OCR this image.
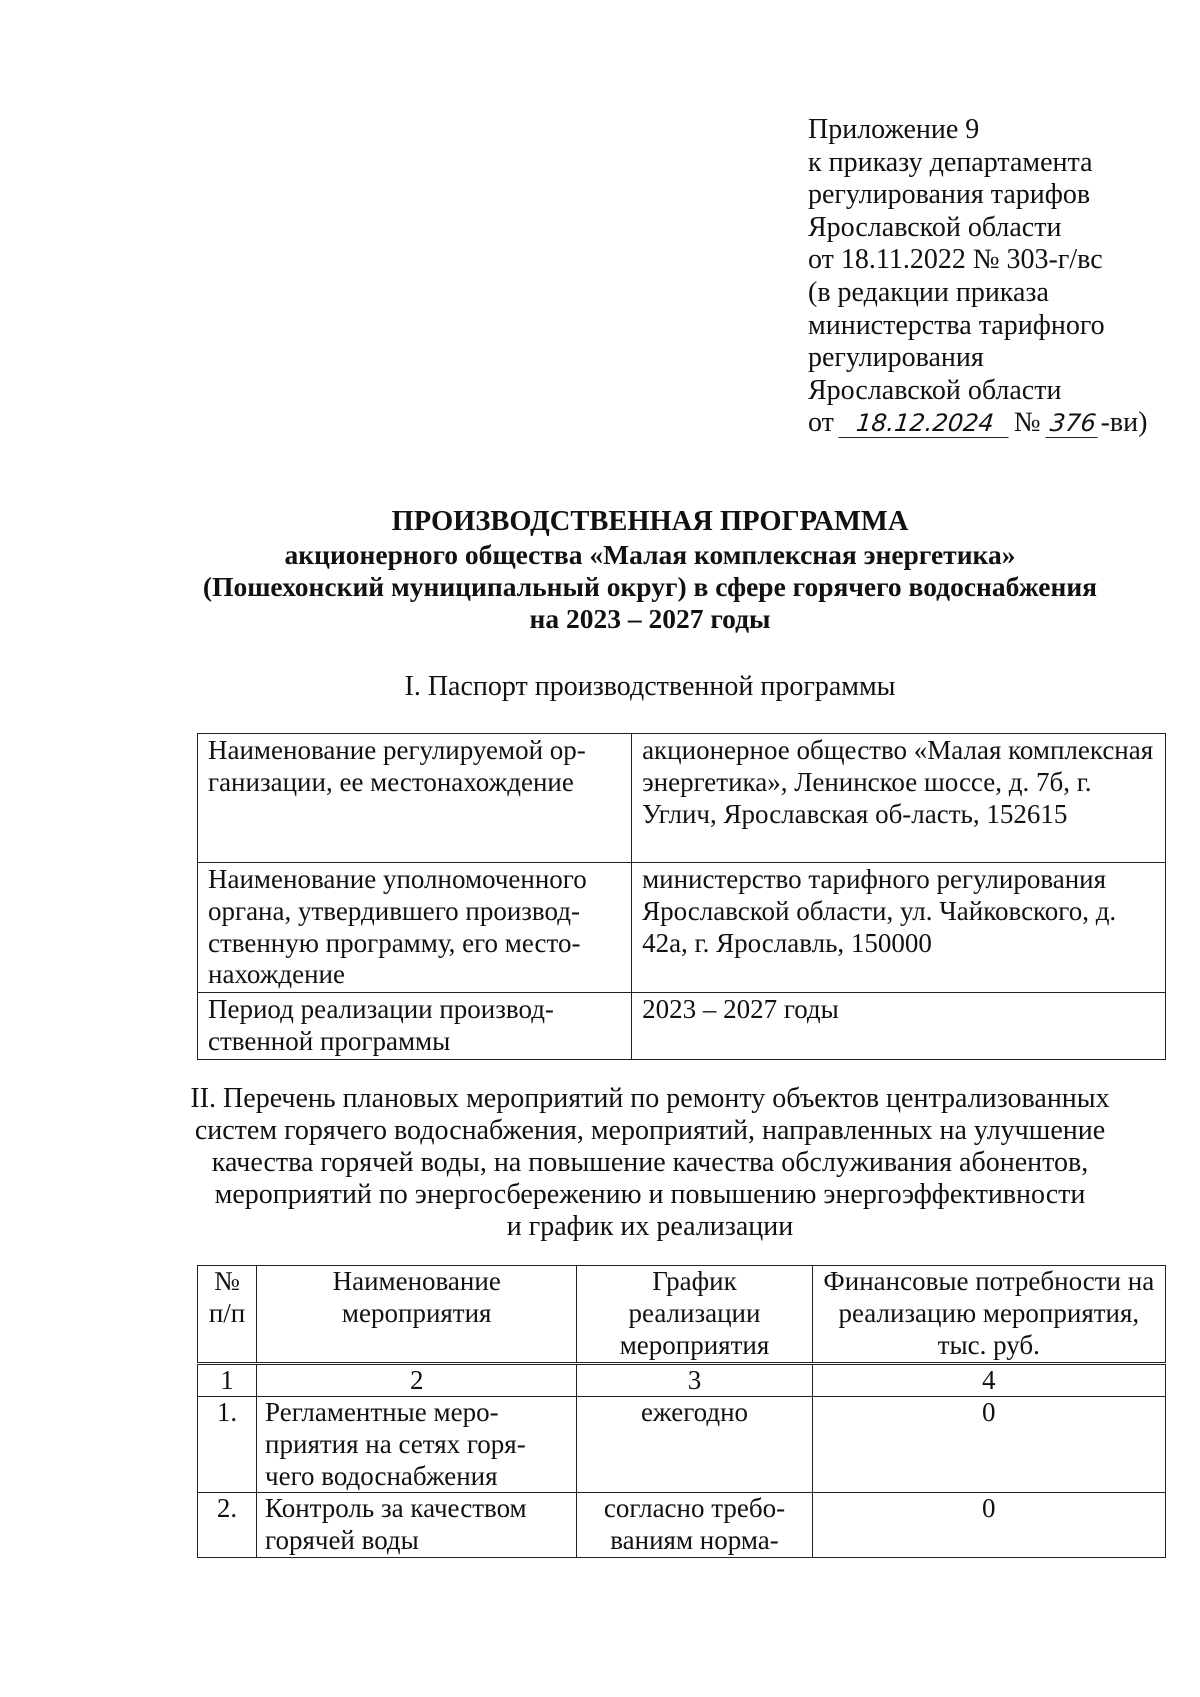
Приложение 9
к приказу департамента
регулирования тарифов
Ярославской области
от 18.11.2022 № 303-г/вс
(в редакции приказа
министерства тарифного
регулирования
Ярославской области
от 18.12.2024 № 376 -ви)
ПРОИЗВОДСТВЕННАЯ ПРОГРАММА
акционерного общества «Малая комплексная энергетика»
(Пошехонский муниципальный округ) в сфере горячего водоснабжения
на 2023 – 2027 годы
I. Паспорт производственной программы
Наименование регулируемой ор-ганизации, ее местонахождение	акционерное общество «Малая комплексная энергетика», Ленинское шоссе, д. 7б, г. Углич, Ярославская об-ласть, 152615
Наименование уполномоченного органа, утвердившего производ-ственную программу, его место-нахождение	министерство тарифного регулирования Ярославской области, ул. Чайковского, д. 42а, г. Ярославль, 150000
Период реализации производ-ственной программы	2023 – 2027 годы
II. Перечень плановых мероприятий по ремонту объектов централизованных
систем горячего водоснабжения, мероприятий, направленных на улучшение
качества горячей воды, на повышение качества обслуживания абонентов,
мероприятий по энергосбережению и повышению энергоэффективности
и график их реализации
№ п/п	Наименование мероприятия	График реализации мероприятия	Финансовые потребности на реализацию мероприятия, тыс. руб.
1	2	3	4
1.	Регламентные меро-приятия на сетях горя-чего водоснабжения	ежегодно	0
2.	Контроль за качеством горячей воды	согласно требо-ваниям норма-	0
